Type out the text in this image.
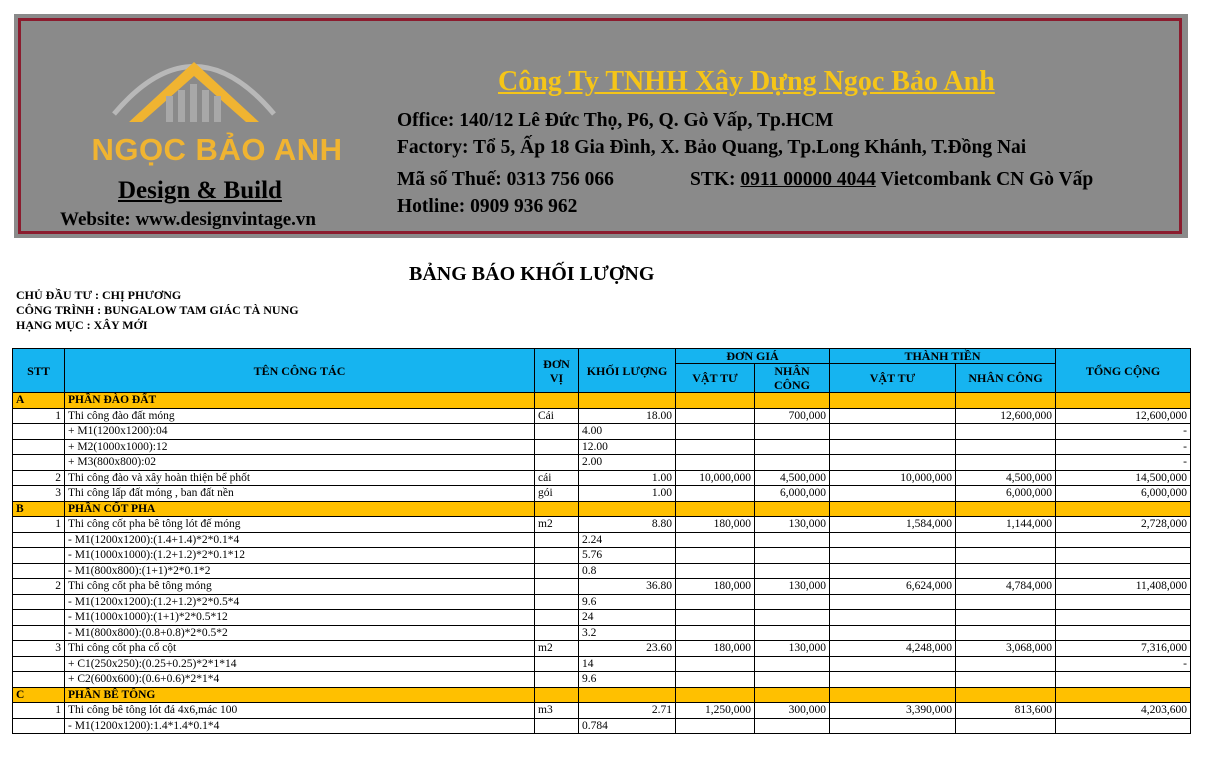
NGỌC BẢO ANH
Design & Build
Website: www.designvintage.vn
Công Ty TNHH Xây Dựng Ngọc Bảo Anh
Office: 140/12 Lê Đức Thọ, P6, Q. Gò Vấp, Tp.HCM
Factory: Tổ 5, Ấp 18 Gia Đình, X. Bảo Quang, Tp.Long Khánh, T.Đồng Nai
Mã số Thuế: 0313 756 066	STK: 0911 00000 4044 Vietcombank CN Gò Vấp
Hotline: 0909 936 962
BẢNG BÁO KHỐI LƯỢNG
CHỦ ĐẦU TƯ : CHỊ PHƯƠNG
CÔNG TRÌNH : BUNGALOW TAM GIÁC TÀ NUNG
HẠNG MỤC : XÂY MỚI
STT	TÊN CÔNG TÁC	ĐƠN VỊ	KHỐI LƯỢNG	ĐƠN GIÁ		THÀNH TIỀN		TỔNG CỘNG
				VẬT TƯ	NHÂN CÔNG	VẬT TƯ	NHÂN CÔNG	
A	PHẦN ĐÀO ĐẤT							
1	Thi công đào đất móng	Cái	18.00		700,000		12,600,000	12,600,000
	+ M1(1200x1200):04		4.00					-
	+ M2(1000x1000):12		12.00					-
	+ M3(800x800):02		2.00					-
2	Thi công đào và xây hoàn thiện bể phốt	cái	1.00	10,000,000	4,500,000	10,000,000	4,500,000	14,500,000
3	Thi công lấp đất móng , ban đất nền	gói	1.00		6,000,000		6,000,000	6,000,000
B	PHẦN CỐT PHA							
1	Thi công cốt pha bê tông lót đế móng	m2	8.80	180,000	130,000	1,584,000	1,144,000	2,728,000
	- M1(1200x1200):(1.4+1.4)*2*0.1*4		2.24					
	- M1(1000x1000):(1.2+1.2)*2*0.1*12		5.76					
	- M1(800x800):(1+1)*2*0.1*2		0.8					
2	Thi công cốt pha bê tông móng		36.80	180,000	130,000	6,624,000	4,784,000	11,408,000
	- M1(1200x1200):(1.2+1.2)*2*0.5*4		9.6					
	- M1(1000x1000):(1+1)*2*0.5*12		24					
	- M1(800x800):(0.8+0.8)*2*0.5*2		3.2					
3	Thi công cốt pha cổ cột	m2	23.60	180,000	130,000	4,248,000	3,068,000	7,316,000
	+ C1(250x250):(0.25+0.25)*2*1*14		14					-
	+ C2(600x600):(0.6+0.6)*2*1*4		9.6					
C	PHẦN BÊ TÔNG							
1	Thi công bê tông lót đá 4x6,mác 100	m3	2.71	1,250,000	300,000	3,390,000	813,600	4,203,600
	- M1(1200x1200):1.4*1.4*0.1*4		0.784					
